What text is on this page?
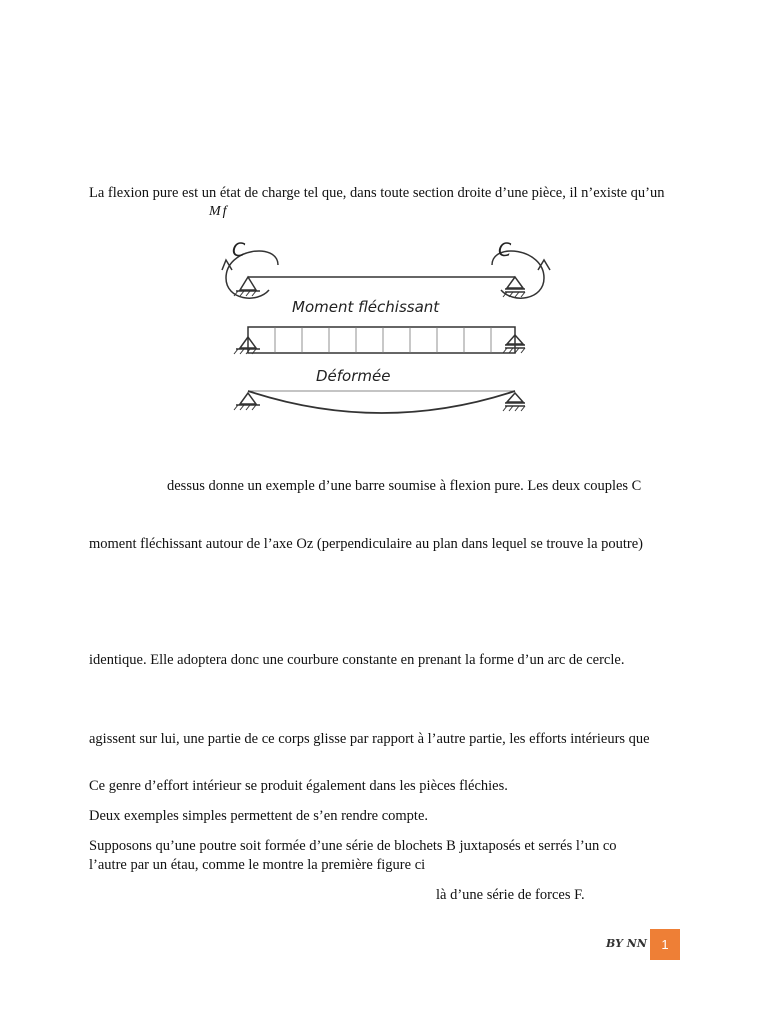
La flexion pure est un état de charge tel que, dans toute section droite d’une pièce, il n’existe qu’un
Mf
C	C
Moment fléchissant
Déformée
dessus donne un exemple d’une barre soumise à flexion pure. Les deux couples C
moment fléchissant autour de l’axe Oz (perpendiculaire au plan dans lequel se trouve la poutre)
identique. Elle adoptera donc une courbure constante en prenant la forme d’un arc de cercle.
agissent sur lui, une partie de ce corps glisse par rapport à l’autre partie, les efforts intérieurs que
Ce genre d’effort intérieur se produit également dans les pièces fléchies.
Deux exemples simples permettent de s’en rendre compte.
Supposons qu’une poutre soit formée d’une série de blochets B juxtaposés et serrés l’un co
l’autre par un étau, comme le montre la première figure ci
là d’une série de forces F.
BY NN	1
